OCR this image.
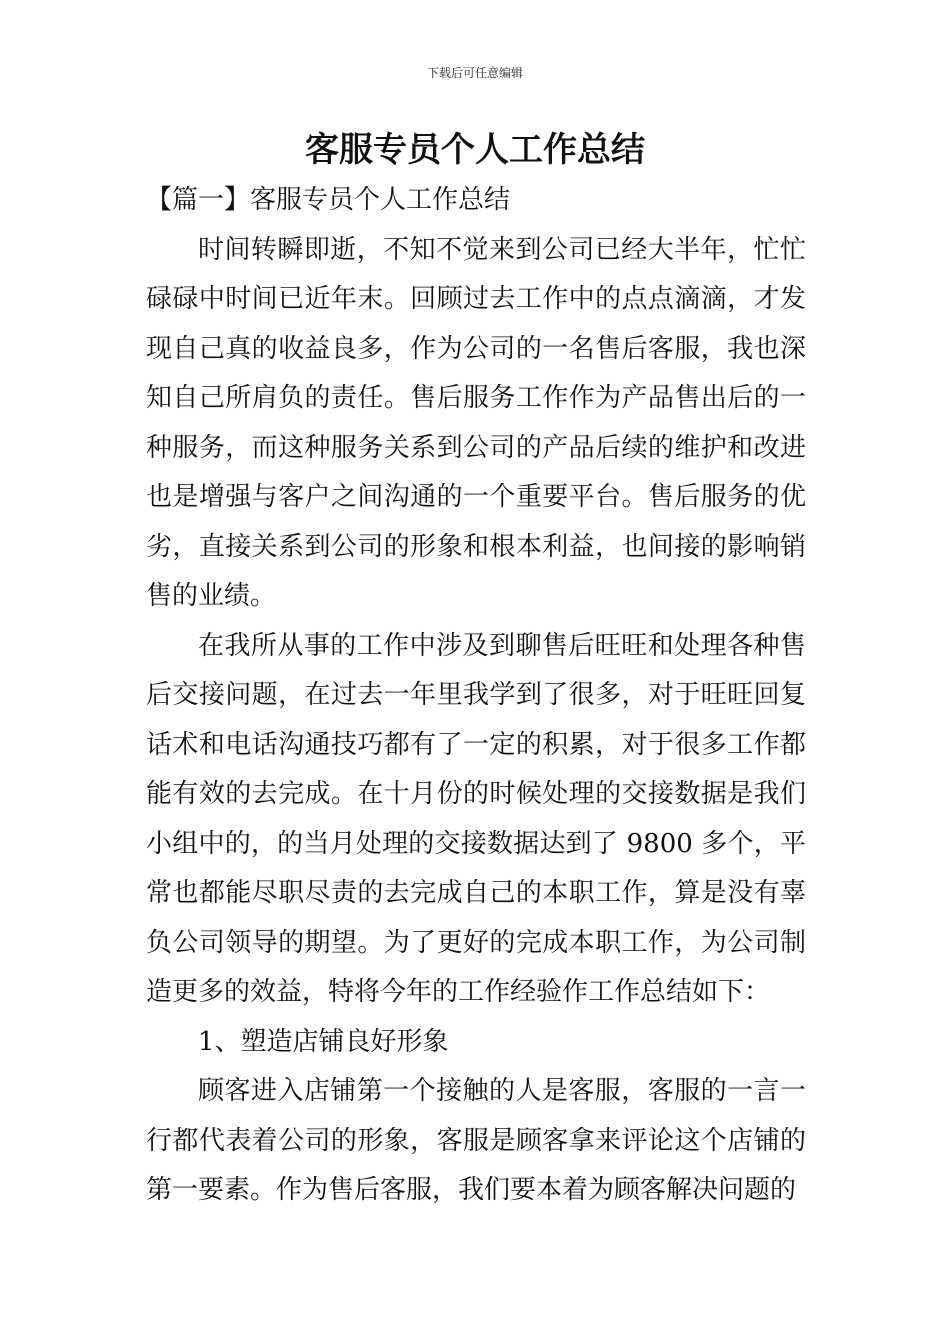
下载后可任意编辑
客服专员个人工作总结

【篇一】客服专员个人工作总结

时间转瞬即逝，不知不觉来到公司已经大半年，忙忙碌碌中时间已近年末。回顾过去工作中的点点滴滴，才发现自己真的收益良多，作为公司的一名售后客服，我也深知自己所肩负的责任。售后服务工作作为产品售出后的一种服务，而这种服务关系到公司的产品后续的维护和改进也是增强与客户之间沟通的一个重要平台。售后服务的优劣，直接关系到公司的形象和根本利益，也间接的影响销售的业绩。

在我所从事的工作中涉及到聊售后旺旺和处理各种售后交接问题，在过去一年里我学到了很多，对于旺旺回复话术和电话沟通技巧都有了一定的积累，对于很多工作都能有效的去完成。在十月份的时候处理的交接数据是我们小组中的，的当月处理的交接数据达到了 9800 多个，平常也都能尽职尽责的去完成自己的本职工作，算是没有辜负公司领导的期望。为了更好的完成本职工作，为公司制造更多的效益，特将今年的工作经验作工作总结如下：

1、塑造店铺良好形象

顾客进入店铺第一个接触的人是客服，客服的一言一行都代表着公司的形象，客服是顾客拿来评论这个店铺的第一要素。作为售后客服，我们要本着为顾客解决问题的
